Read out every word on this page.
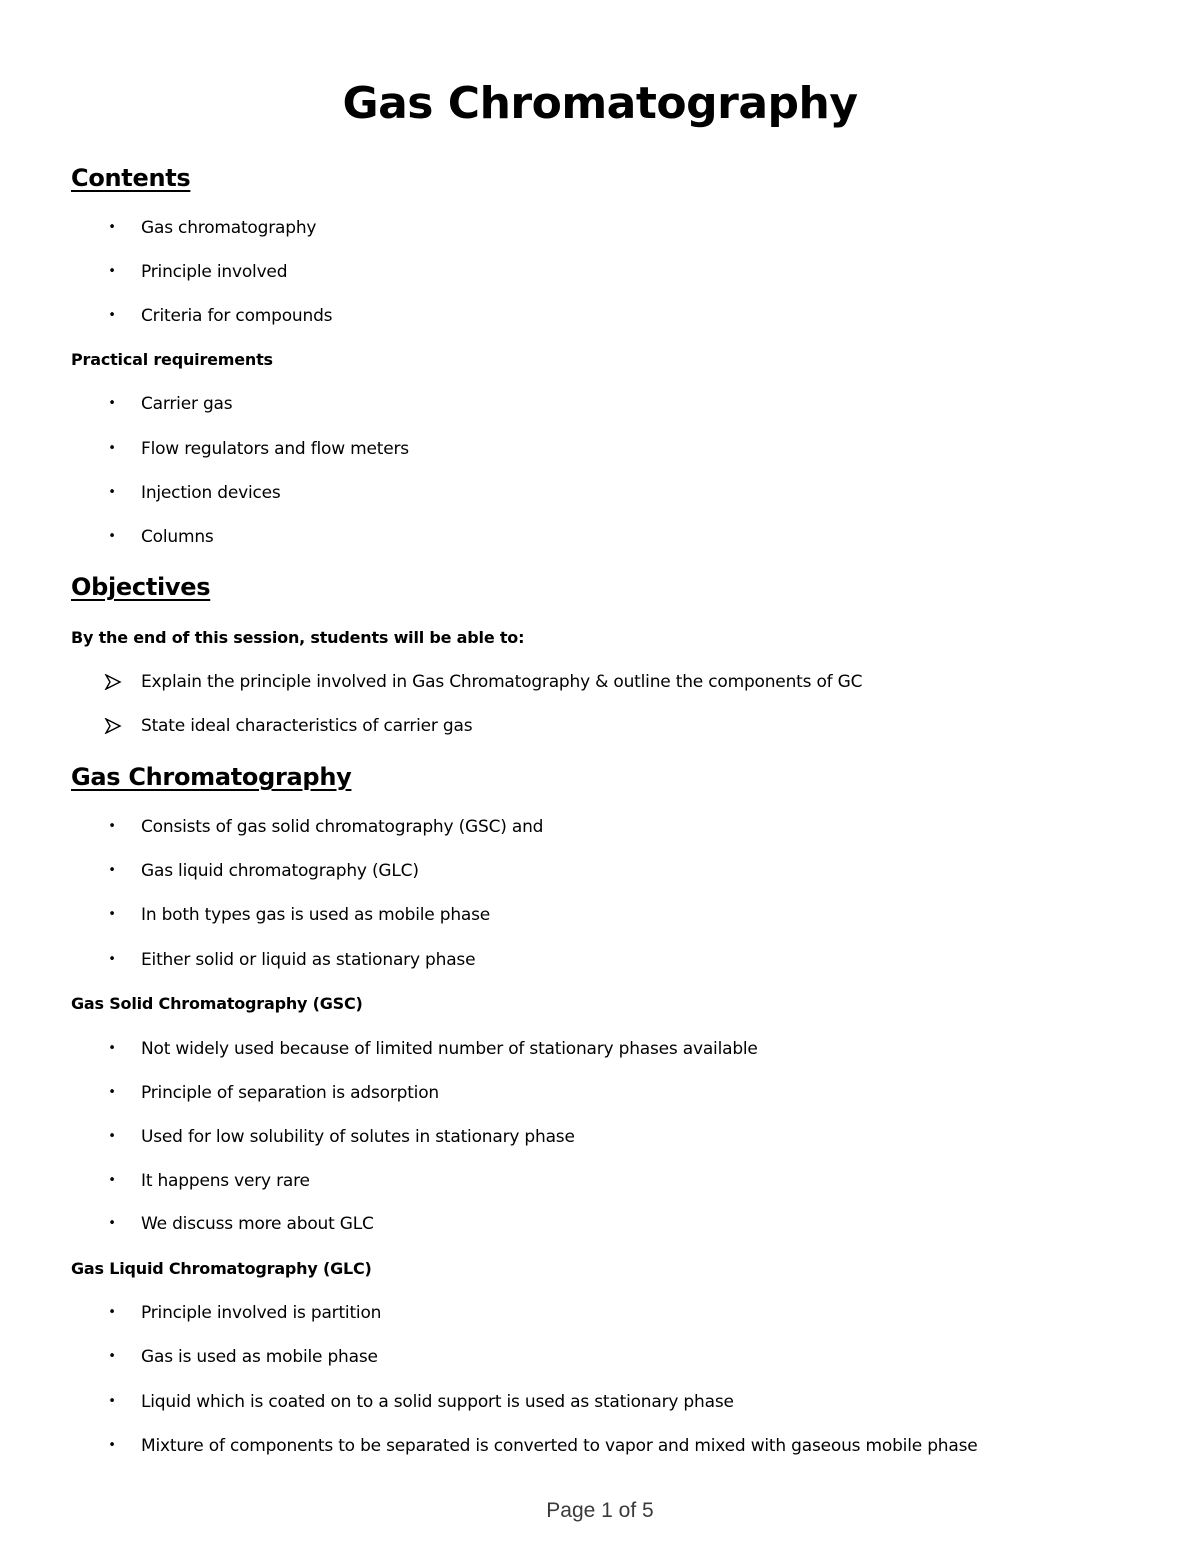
Gas Chromatography
Contents
• Gas chromatography
• Principle involved
• Criteria for compounds
Practical requirements
• Carrier gas
• Flow regulators and flow meters
• Injection devices
• Columns
Objectives
By the end of this session, students will be able to:
Explain the principle involved in Gas Chromatography & outline the components of GC
State ideal characteristics of carrier gas
Gas Chromatography
• Consists of gas solid chromatography (GSC) and
• Gas liquid chromatography (GLC)
• In both types gas is used as mobile phase
• Either solid or liquid as stationary phase
Gas Solid Chromatography (GSC)
• Not widely used because of limited number of stationary phases available
• Principle of separation is adsorption
• Used for low solubility of solutes in stationary phase
• It happens very rare
• We discuss more about GLC
Gas Liquid Chromatography (GLC)
• Principle involved is partition
• Gas is used as mobile phase
• Liquid which is coated on to a solid support is used as stationary phase
• Mixture of components to be separated is converted to vapor and mixed with gaseous mobile phase
Page 1 of 5
